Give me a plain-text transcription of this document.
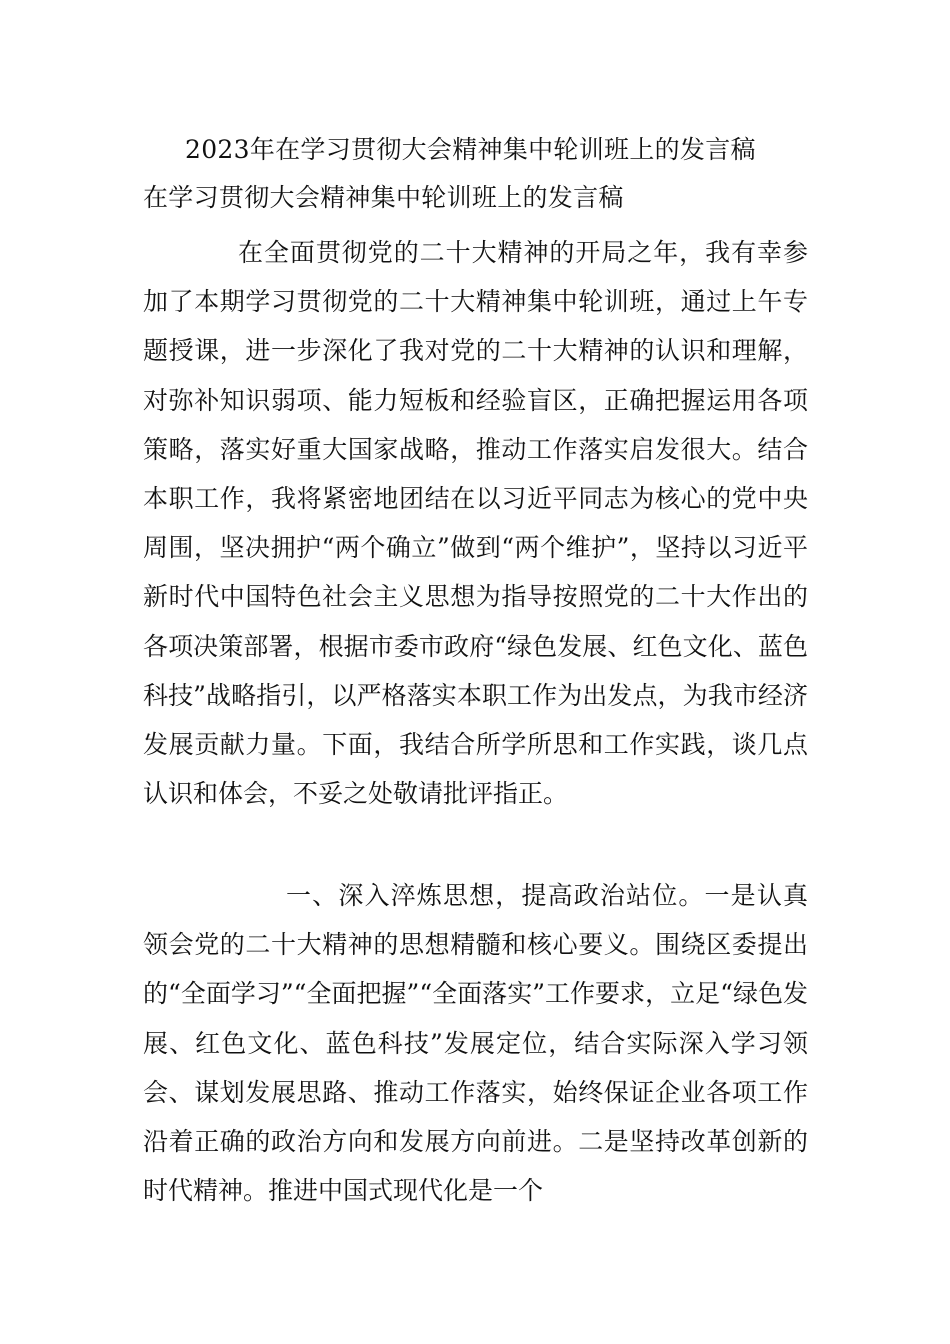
2023年在学习贯彻大会精神集中轮训班上的发言稿
在学习贯彻大会精神集中轮训班上的发言稿

在全面贯彻党的二十大精神的开局之年，我有幸参加了本期学习贯彻党的二十大精神集中轮训班，通过上午专题授课，进一步深化了我对党的二十大精神的认识和理解，对弥补知识弱项、能力短板和经验盲区，正确把握运用各项策略，落实好重大国家战略，推动工作落实启发很大。结合本职工作，我将紧密地团结在以习近平同志为核心的党中央周围，坚决拥护“两个确立”做到“两个维护”，坚持以习近平新时代中国特色社会主义思想为指导按照党的二十大作出的各项决策部署，根据市委市政府“绿色发展、红色文化、蓝色科技”战略指引，以严格落实本职工作为出发点，为我市经济发展贡献力量。下面，我结合所学所思和工作实践，谈几点认识和体会，不妥之处敬请批评指正。

一、深入淬炼思想，提高政治站位。一是认真领会党的二十大精神的思想精髓和核心要义。围绕区委提出的“全面学习”“全面把握”“全面落实”工作要求，立足“绿色发展、红色文化、蓝色科技”发展定位，结合实际深入学习领会、谋划发展思路、推动工作落实，始终保证企业各项工作沿着正确的政治方向和发展方向前进。二是坚持改革创新的时代精神。推进中国式现代化是一个
